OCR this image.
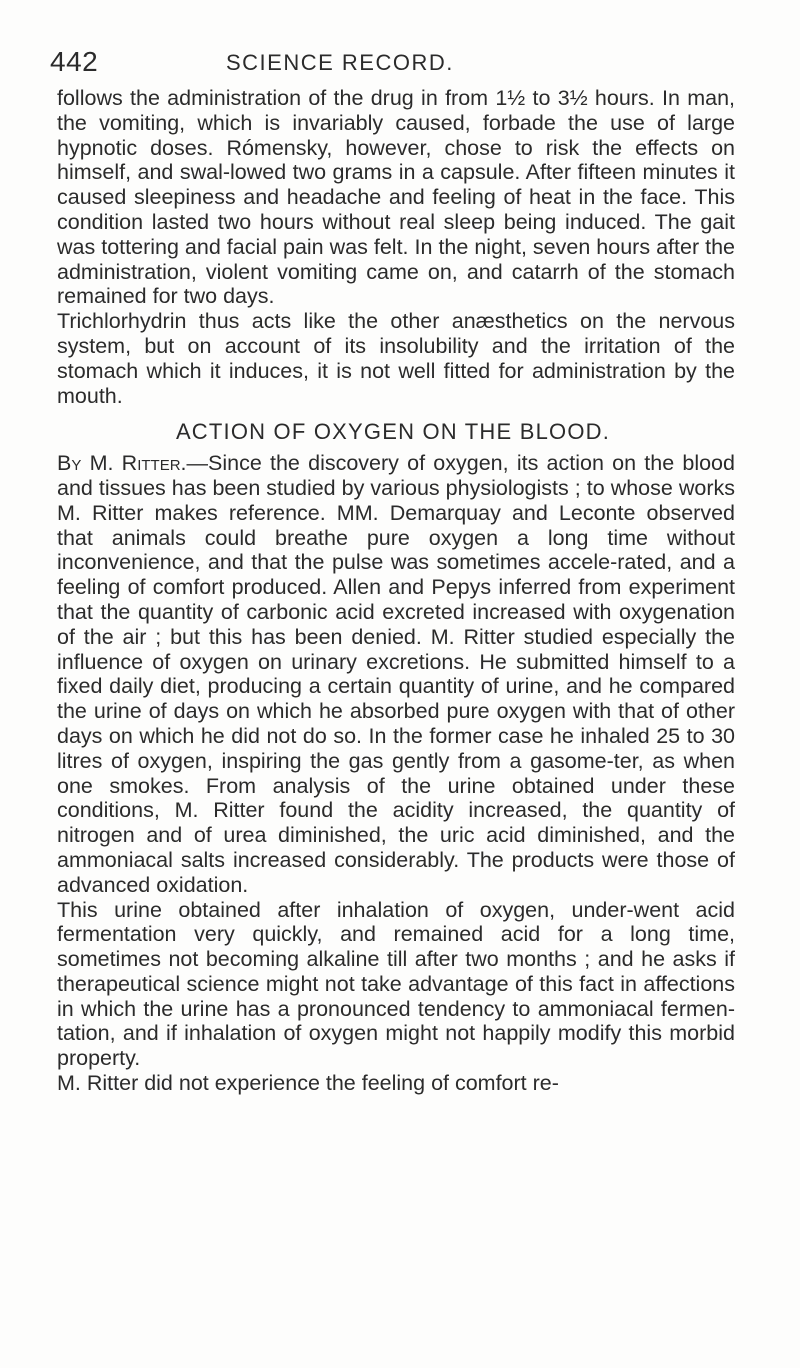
442	SCIENCE RECORD.

follows the administration of the drug in from 1½ to 3½ hours. In man, the vomiting, which is invariably caused, forbade the use of large hypnotic doses. Rómensky, however, chose to risk the effects on himself, and swal-lowed two grams in a capsule. After fifteen minutes it caused sleepiness and headache and feeling of heat in the face. This condition lasted two hours without real sleep being induced. The gait was tottering and facial pain was felt. In the night, seven hours after the administration, violent vomiting came on, and catarrh of the stomach remained for two days.

Trichlorhydrin thus acts like the other anæsthetics on the nervous system, but on account of its insolubility and the irritation of the stomach which it induces, it is not well fitted for administration by the mouth.

ACTION OF OXYGEN ON THE BLOOD.

By M. Ritter.—Since the discovery of oxygen, its action on the blood and tissues has been studied by various physiologists ; to whose works M. Ritter makes reference. MM. Demarquay and Leconte observed that animals could breathe pure oxygen a long time without inconvenience, and that the pulse was sometimes accele-rated, and a feeling of comfort produced. Allen and Pepys inferred from experiment that the quantity of carbonic acid excreted increased with oxygenation of the air ; but this has been denied. M. Ritter studied especially the influence of oxygen on urinary excretions. He submitted himself to a fixed daily diet, producing a certain quantity of urine, and he compared the urine of days on which he absorbed pure oxygen with that of other days on which he did not do so. In the former case he inhaled 25 to 30 litres of oxygen, inspiring the gas gently from a gasome-ter, as when one smokes. From analysis of the urine obtained under these conditions, M. Ritter found the acidity increased, the quantity of nitrogen and of urea diminished, the uric acid diminished, and the ammoniacal salts increased considerably. The products were those of advanced oxidation.

This urine obtained after inhalation of oxygen, under-went acid fermentation very quickly, and remained acid for a long time, sometimes not becoming alkaline till after two months ; and he asks if therapeutical science might not take advantage of this fact in affections in which the urine has a pronounced tendency to ammoniacal fermen-tation, and if inhalation of oxygen might not happily modify this morbid property.

M. Ritter did not experience the feeling of comfort re-
